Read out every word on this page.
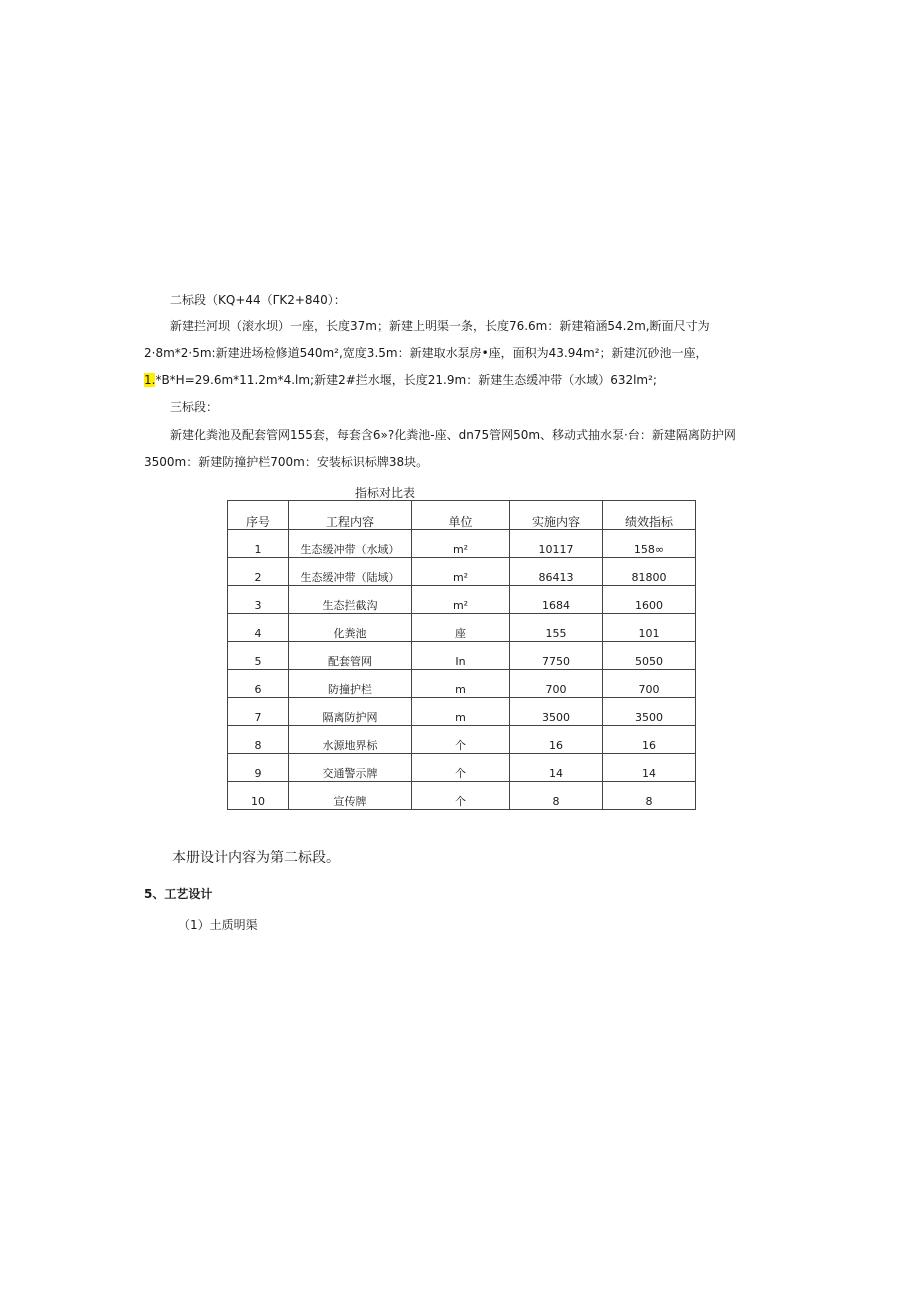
二标段（KQ+44（ΓK2+840）：
新建拦河坝（滚水坝）一座，长度37m；新建上明渠一条，长度76.6m：新建箱涵54.2m,断面尺寸为
2·8m*2·5m:新建进场检修道540m²,宽度3.5m：新建取水泵房•座，面积为43.94m²；新建沉砂池一座，
1.*B*H=29.6m*11.2m*4.lm;新建2#拦水堰，长度21.9m：新建生态缓冲带（水域）632lm²;
三标段：
新建化粪池及配套管网155套，每套含6»?化粪池-座、dn75管网50m、移动式抽水泵·台：新建隔离防护网
3500m：新建防撞护栏700m：安装标识标牌38块。
指标对比表
序号	工程内容	单位	实施内容	绩效指标
1	生态缓冲带（水域）	m²	10117	158∞
2	生态缓冲带（陆域）	m²	86413	81800
3	生态拦截沟	m²	1684	1600
4	化粪池	座	155	101
5	配套管网	In	7750	5050
6	防撞护栏	m	700	700
7	隔离防护网	m	3500	3500
8	水源地界标	个	16	16
9	交通警示牌	个	14	14
10	宣传牌	个	8	8
本册设计内容为第二标段。
5、工艺设计
（1）土质明渠
